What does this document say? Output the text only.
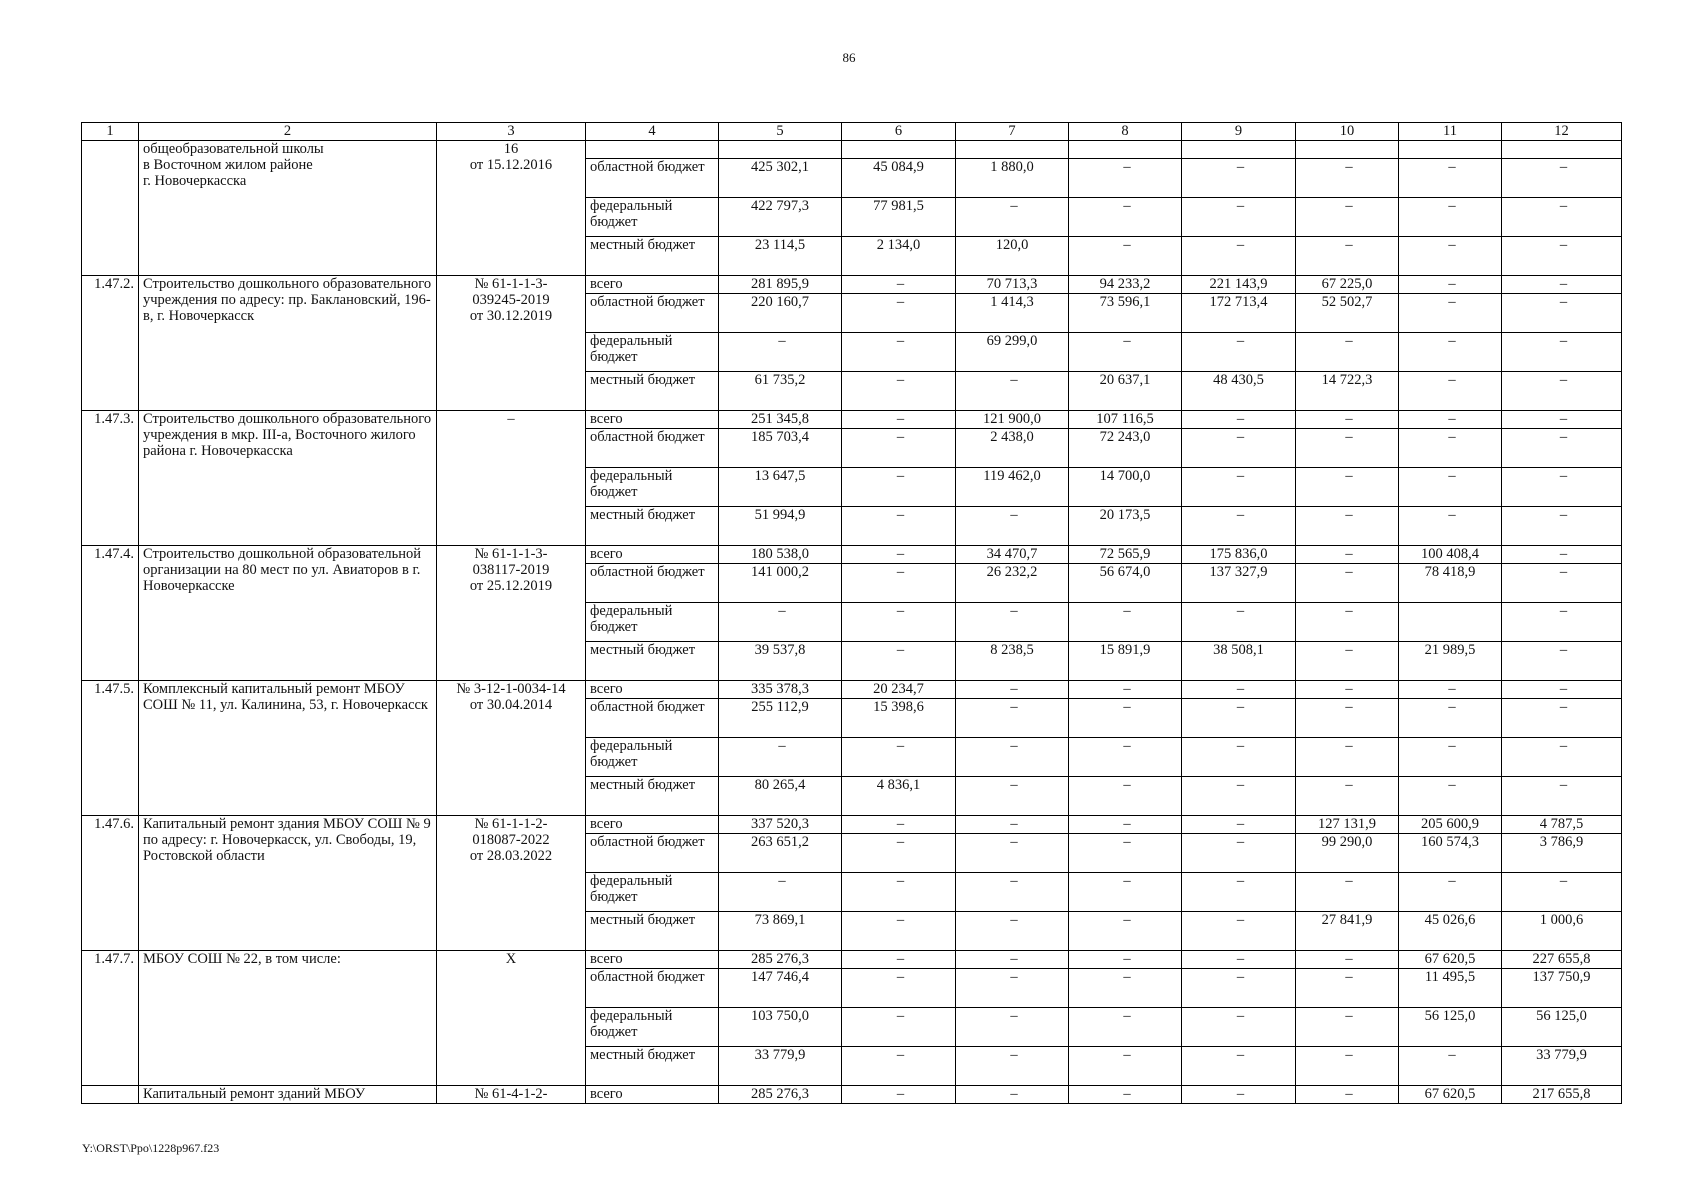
86
1	2	3	4	5	6	7	8	9	10	11	12
	общеобразовательной школы
в Восточном жилом районе
г. Новочеркасска	16
от 15.12.2016									
			областной бюджет	425 302,1	45 084,9	1 880,0	–	–	–	–	–
			федеральный бюджет	422 797,3	77 981,5	–	–	–	–	–	–
			местный бюджет	23 114,5	2 134,0	120,0	–	–	–	–	–
1.47.2.	Строительство дошкольного образовательного учреждения по адресу: пр. Баклановский, 196-в, г. Новочеркасск	№ 61-1-1-3-
039245-2019
от 30.12.2019	всего	281 895,9	–	70 713,3	94 233,2	221 143,9	67 225,0	–	–
			областной бюджет	220 160,7	–	1 414,3	73 596,1	172 713,4	52 502,7	–	–
			федеральный бюджет	–	–	69 299,0	–	–	–	–	–
			местный бюджет	61 735,2	–	–	20 637,1	48 430,5	14 722,3	–	–
1.47.3.	Строительство дошкольного образовательного учреждения в мкр. III-а, Восточного жилого района г. Новочеркасска	–	всего	251 345,8	–	121 900,0	107 116,5	–	–	–	–
			областной бюджет	185 703,4	–	2 438,0	72 243,0	–	–	–	–
			федеральный бюджет	13 647,5	–	119 462,0	14 700,0	–	–	–	–
			местный бюджет	51 994,9	–	–	20 173,5	–	–	–	–
1.47.4.	Строительство дошкольной образовательной организации на 80 мест по ул. Авиаторов в г. Новочеркасске	№ 61-1-1-3-
038117-2019
от 25.12.2019	всего	180 538,0	–	34 470,7	72 565,9	175 836,0	–	100 408,4	–
			областной бюджет	141 000,2	–	26 232,2	56 674,0	137 327,9	–	78 418,9	–
			федеральный бюджет	–	–	–	–	–	–		–
			местный бюджет	39 537,8	–	8 238,5	15 891,9	38 508,1	–	21 989,5	–
1.47.5.	Комплексный капитальный ремонт МБОУ СОШ № 11, ул. Калинина, 53, г. Новочеркасск	№ 3-12-1-0034-14
от 30.04.2014	всего	335 378,3	20 234,7	–	–	–	–	–	–
			областной бюджет	255 112,9	15 398,6	–	–	–	–	–	–
			федеральный бюджет	–	–	–	–	–	–	–	–
			местный бюджет	80 265,4	4 836,1	–	–	–	–	–	–
1.47.6.	Капитальный ремонт здания МБОУ СОШ № 9 по адресу: г. Новочеркасск, ул. Свободы, 19, Ростовской области	№ 61-1-1-2-
018087-2022
от 28.03.2022	всего	337 520,3	–	–	–	–	127 131,9	205 600,9	4 787,5
			областной бюджет	263 651,2	–	–	–	–	99 290,0	160 574,3	3 786,9
			федеральный бюджет	–	–	–	–	–	–	–	–
			местный бюджет	73 869,1	–	–	–	–	27 841,9	45 026,6	1 000,6
1.47.7.	МБОУ СОШ № 22, в том числе:	X	всего	285 276,3	–	–	–	–	–	67 620,5	227 655,8
			областной бюджет	147 746,4	–	–	–	–	–	11 495,5	137 750,9
			федеральный бюджет	103 750,0	–	–	–	–	–	56 125,0	56 125,0
			местный бюджет	33 779,9	–	–	–	–	–	–	33 779,9
	Капитальный ремонт зданий МБОУ	№ 61-4-1-2-	всего	285 276,3	–	–	–	–	–	67 620,5	217 655,8
Y:\ORST\Ppo\1228p967.f23
